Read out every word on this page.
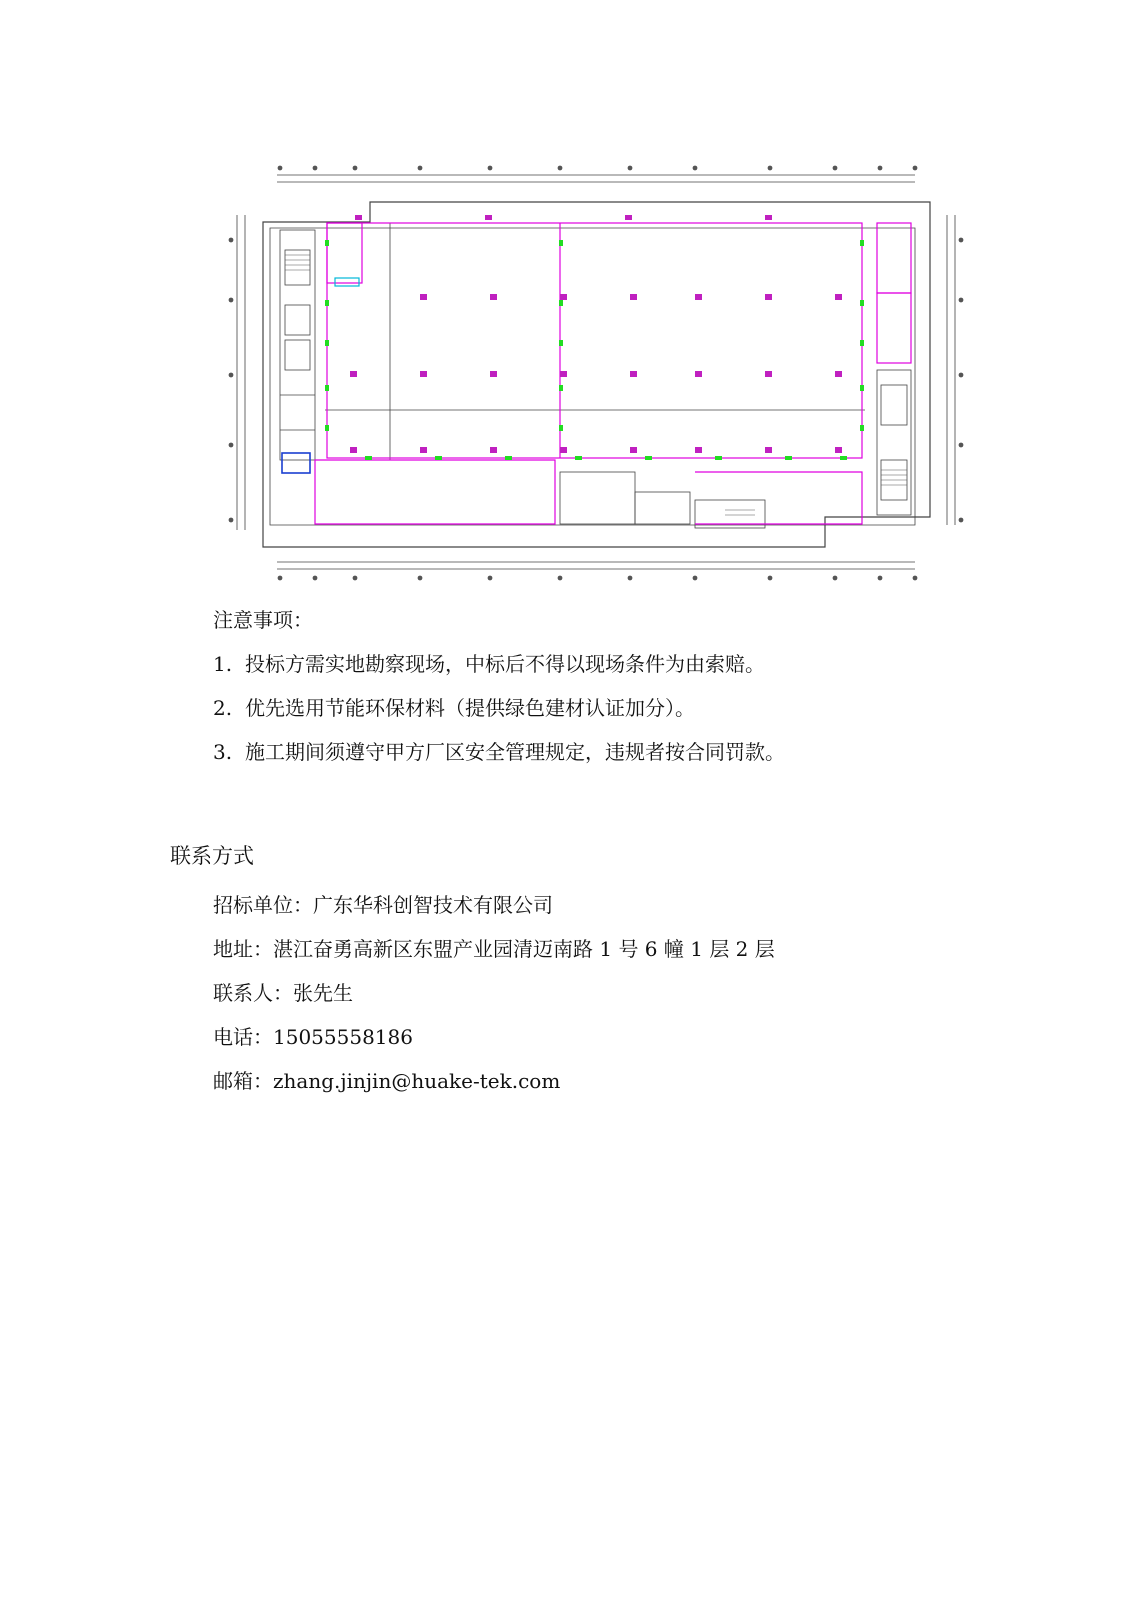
注意事项：
1. 投标方需实地勘察现场，中标后不得以现场条件为由索赔。
2. 优先选用节能环保材料（提供绿色建材认证加分）。
3. 施工期间须遵守甲方厂区安全管理规定，违规者按合同罚款。
联系方式
招标单位：广东华科创智技术有限公司
地址：湛江奋勇高新区东盟产业园清迈南路 1 号 6 幢 1 层 2 层
联系人：张先生
电话：15055558186
邮箱：zhang.jinjin@huake-tek.com
